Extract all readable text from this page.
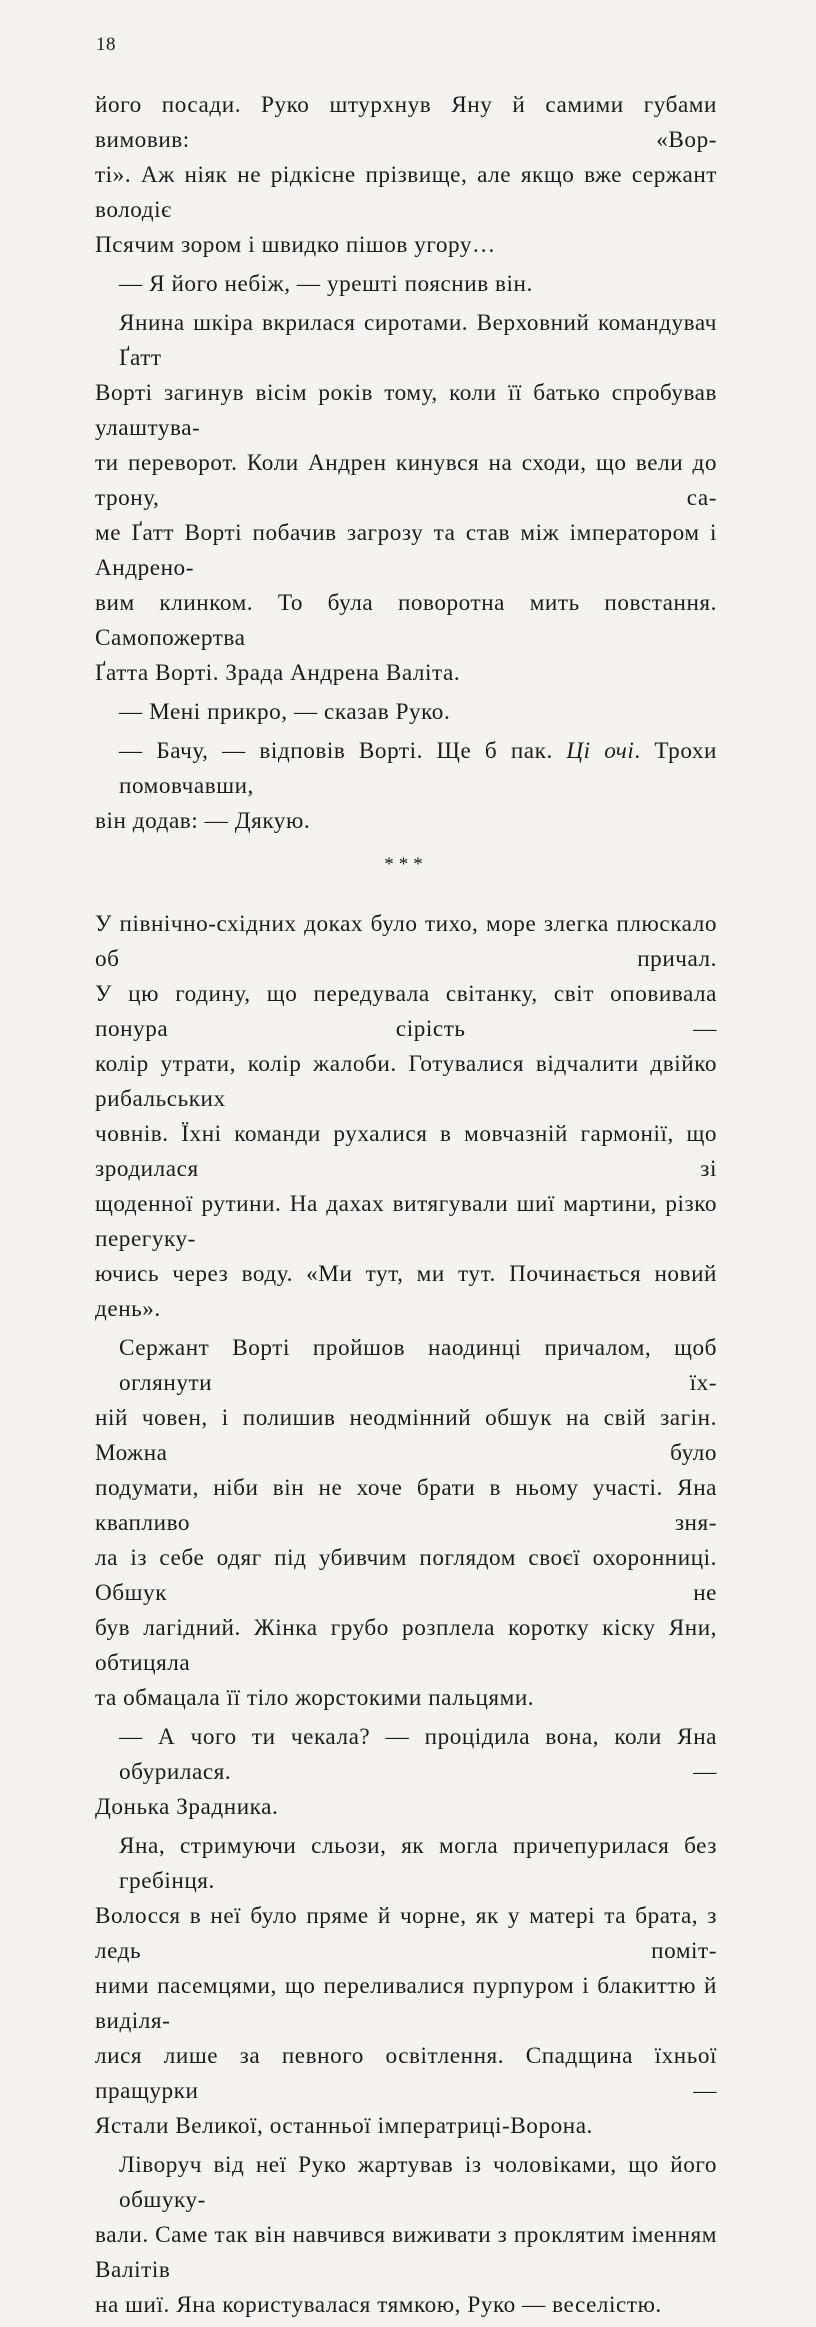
18

його посади. Руко штурхнув Яну й самими губами вимовив: «Вор-
ті». Аж ніяк не рідкісне прізвище, але якщо вже сержант володіє
Псячим зором і швидко пішов угору…

— Я його небіж, — урешті пояснив він.

Янина шкіра вкрилася сиротами. Верховний командувач Ґатт
Ворті загинув вісім років тому, коли її батько спробував улаштува-
ти переворот. Коли Андрен кинувся на сходи, що вели до трону, са-
ме Ґатт Ворті побачив загрозу та став між імператором і Андрено-
вим клинком. То була поворотна мить повстання. Самопожертва
Ґатта Ворті. Зрада Андрена Валіта.

— Мені прикро, — сказав Руко.

— Бачу, — відповів Ворті. Ще б пак. Ці очі. Трохи помовчавши,
він додав: — Дякую.

***

У північно-східних доках було тихо, море злегка плюскало об причал.
У цю годину, що передувала світанку, світ оповивала понура сірість —
колір утрати, колір жалоби. Готувалися відчалити двійко рибальських
човнів. Їхні команди рухалися в мовчазній гармонії, що зродилася зі
щоденної рутини. На дахах витягували шиї мартини, різко перегуку-
ючись через воду. «Ми тут, ми тут. Починається новий день».

Сержант Ворті пройшов наодинці причалом, щоб оглянути їх-
ній човен, і полишив неодмінний обшук на свій загін. Можна було
подумати, ніби він не хоче брати в ньому участі. Яна квапливо зня-
ла із себе одяг під убивчим поглядом своєї охоронниці. Обшук не
був лагідний. Жінка грубо розплела коротку кіску Яни, обтицяла
та обмацала її тіло жорстокими пальцями.

— А чого ти чекала? — процідила вона, коли Яна обурилася. —
Донька Зрадника.

Яна, стримуючи сльози, як могла причепурилася без гребінця.
Волосся в неї було пряме й чорне, як у матері та брата, з ледь поміт-
ними пасемцями, що переливалися пурпуром і блакиттю й виділя-
лися лише за певного освітлення. Спадщина їхньої пращурки —
Ястали Великої, останньої імператриці-Ворона.

Ліворуч від неї Руко жартував із чоловіками, що його обшуку-
вали. Саме так він навчився виживати з проклятим іменням Валітів
на шиї. Яна користувалася тямкою, Руко — веселістю.
